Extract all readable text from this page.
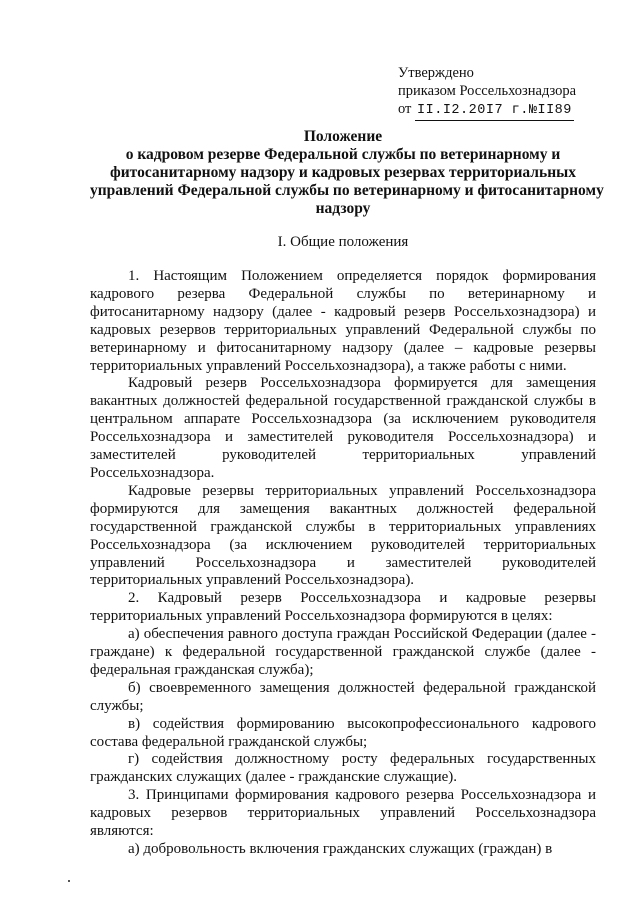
Утверждено
приказом Россельхознадзора
от II.I2.20I7 г.№II89
Положение
о кадровом резерве Федеральной службы по ветеринарному и
фитосанитарному надзору и кадровых резервах территориальных
управлений Федеральной службы по ветеринарному и фитосанитарному
надзору
I. Общие положения

1. Настоящим Положением определяется порядок формирования кадрового резерва Федеральной службы по ветеринарному и фитосанитарному надзору (далее - кадровый резерв Россельхознадзора) и кадровых резервов территориальных управлений Федеральной службы по ветеринарному и фитосанитарному надзору (далее – кадровые резервы территориальных управлений Россельхознадзора), а также работы с ними.

Кадровый резерв Россельхознадзора формируется для замещения вакантных должностей федеральной государственной гражданской службы в центральном аппарате Россельхознадзора (за исключением руководителя Россельхознадзора и заместителей руководителя Россельхознадзора) и заместителей руководителей территориальных управлений Россельхознадзора.

Кадровые резервы территориальных управлений Россельхознадзора формируются для замещения вакантных должностей федеральной государственной гражданской службы в территориальных управлениях Россельхознадзора (за исключением руководителей территориальных управлений Россельхознадзора и заместителей руководителей территориальных управлений Россельхознадзора).

2. Кадровый резерв Россельхознадзора и кадровые резервы территориальных управлений Россельхознадзора формируются в целях:

а) обеспечения равного доступа граждан Российской Федерации (далее - граждане) к федеральной государственной гражданской службе (далее - федеральная гражданская служба);

б) своевременного замещения должностей федеральной гражданской службы;

в) содействия формированию высокопрофессионального кадрового состава федеральной гражданской службы;

г) содействия должностному росту федеральных государственных гражданских служащих (далее - гражданские служащие).

3. Принципами формирования кадрового резерва Россельхознадзора и кадровых резервов территориальных управлений Россельхознадзора являются:

а) добровольность включения гражданских служащих (граждан) в
